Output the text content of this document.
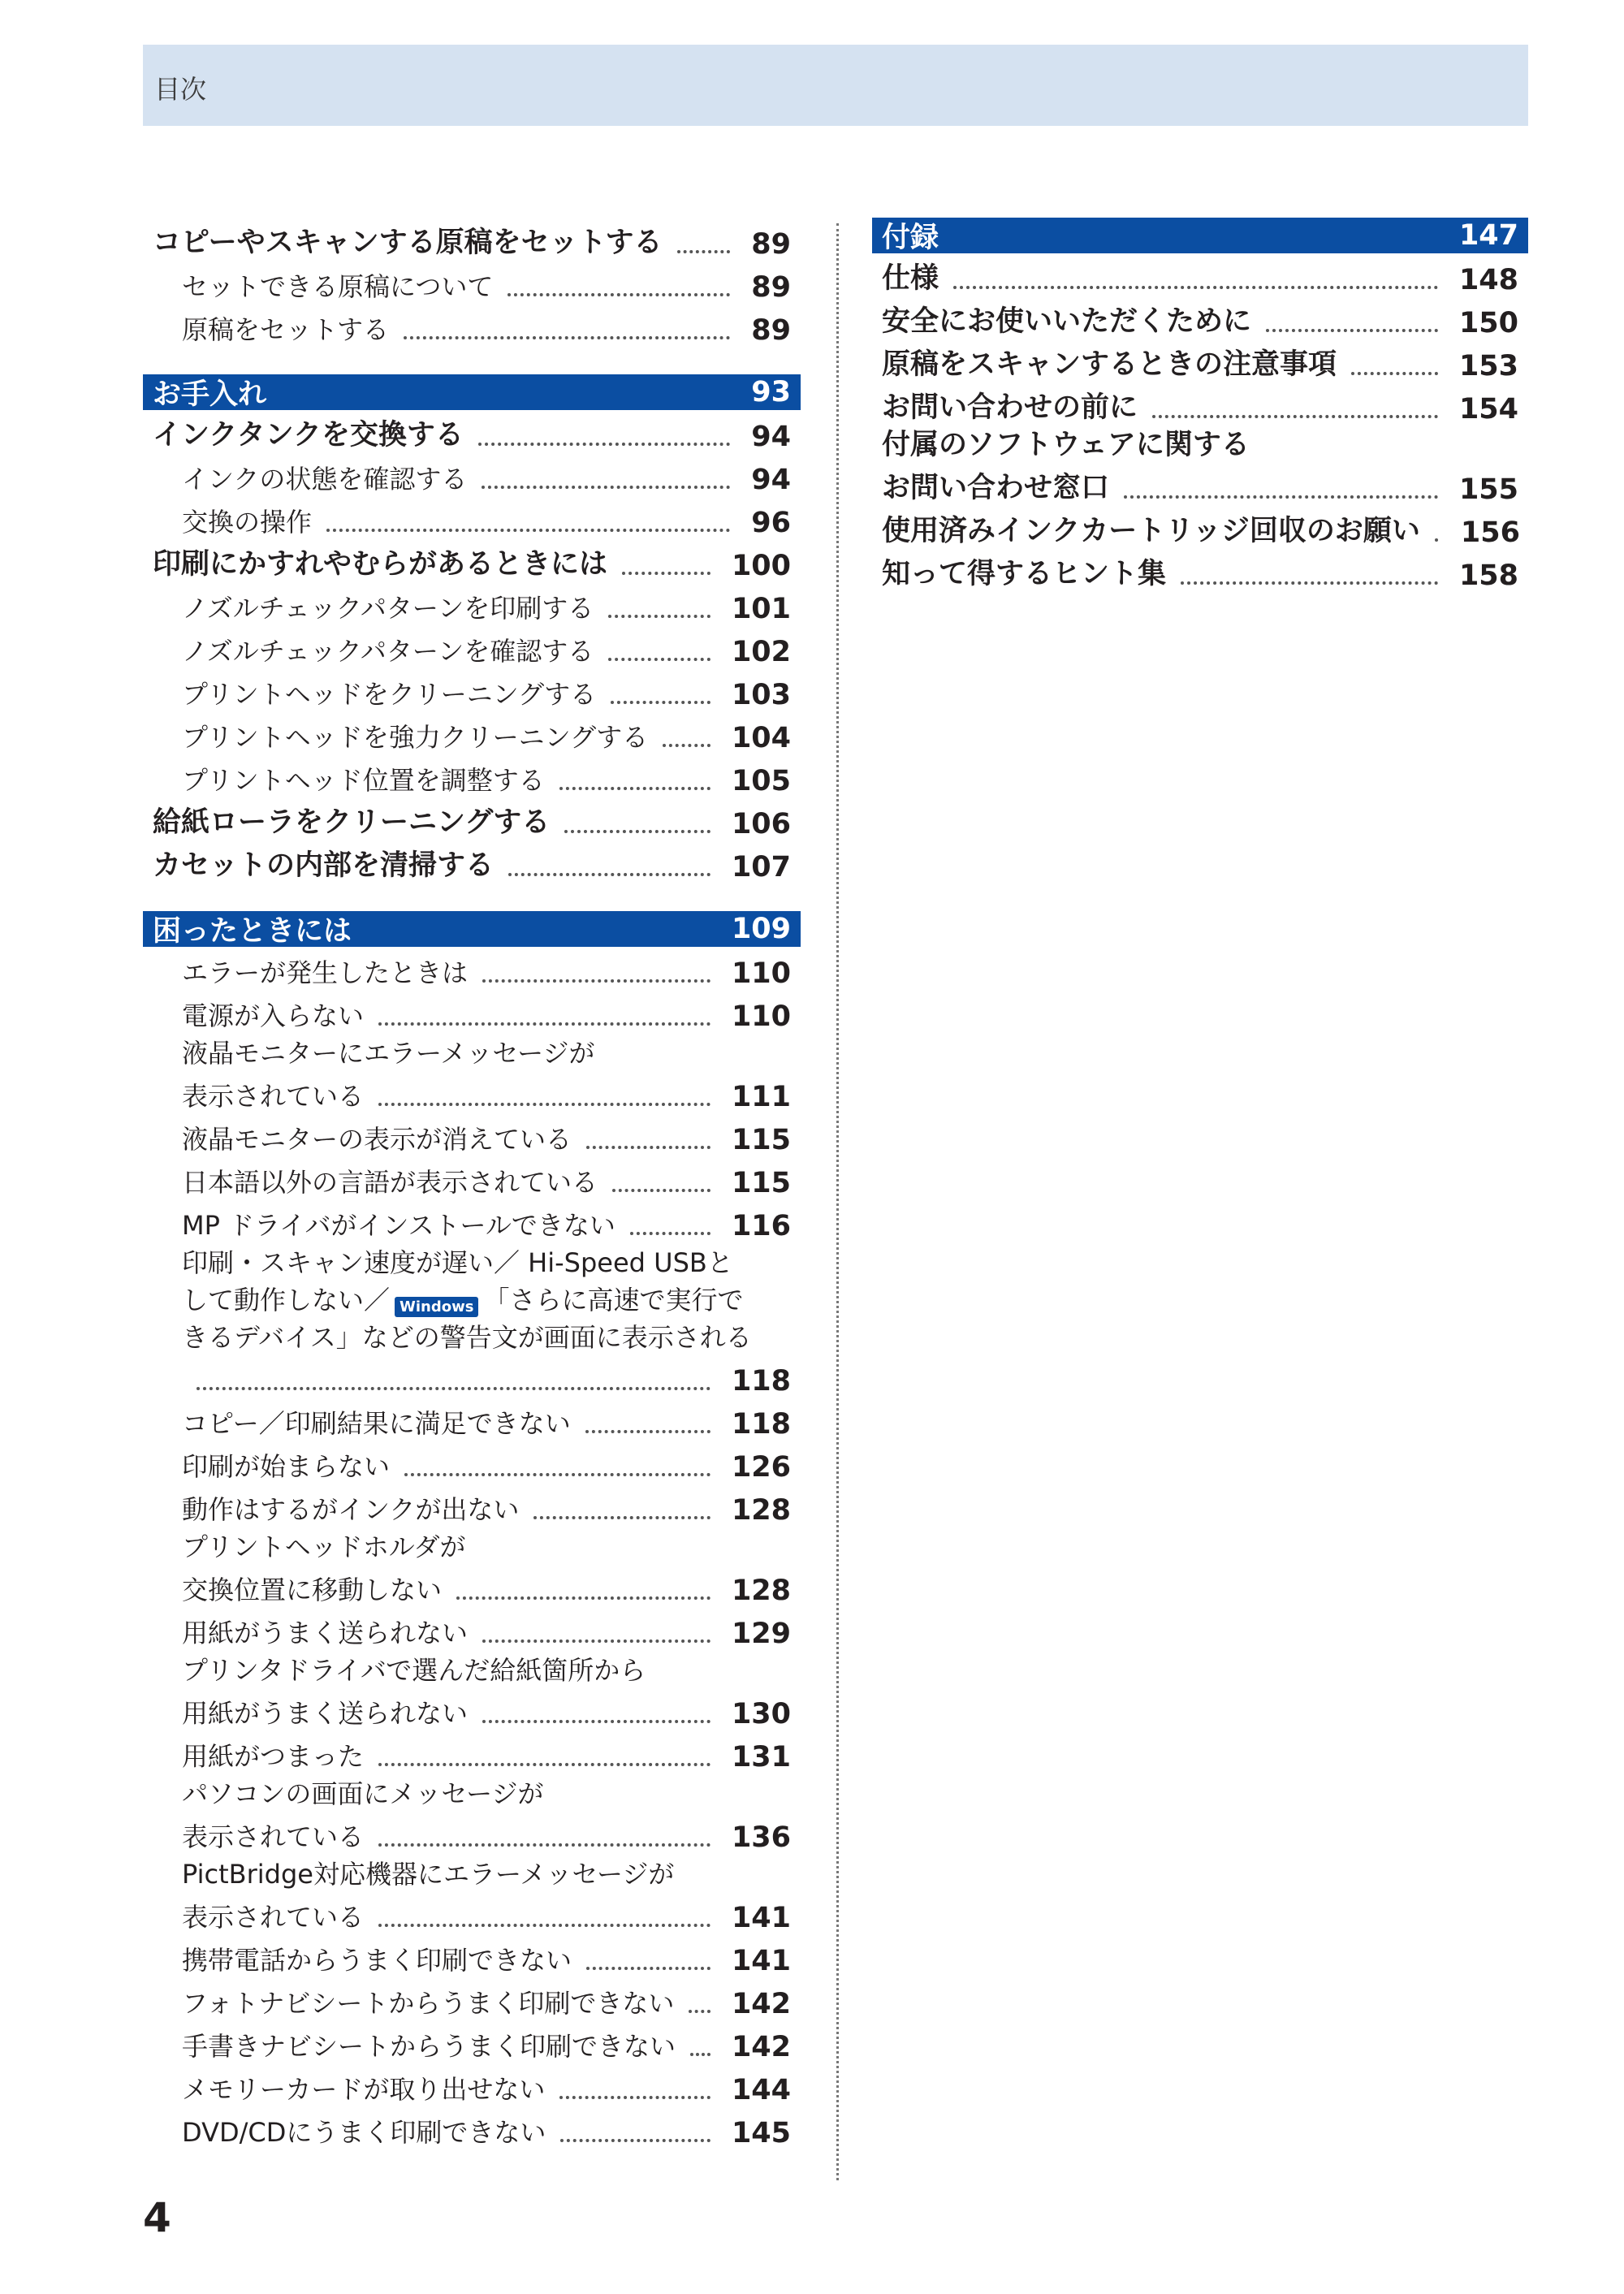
目次
コピーやスキャンする原稿をセットする	89
セットできる原稿について	89
原稿をセットする	89
お手入れ	93
インクタンクを交換する	94
インクの状態を確認する	94
交換の操作	96
印刷にかすれやむらがあるときには	100
ノズルチェックパターンを印刷する	101
ノズルチェックパターンを確認する	102
プリントヘッドをクリーニングする	103
プリントヘッドを強力クリーニングする	104
プリントヘッド位置を調整する	105
給紙ローラをクリーニングする	106
カセットの内部を清掃する	107
困ったときには	109
エラーが発生したときは	110
電源が入らない	110
液晶モニターにエラーメッセージが
表示されている	111
液晶モニターの表示が消えている	115
日本語以外の言語が表示されている	115
MP ドライバがインストールできない	116
印刷・スキャン速度が遅い／ Hi-Speed USBと
して動作しない／ Windows 「さらに高速で実行で
きるデバイス」などの警告文が画面に表示される
118
コピー／印刷結果に満足できない	118
印刷が始まらない	126
動作はするがインクが出ない	128
プリントヘッドホルダが
交換位置に移動しない	128
用紙がうまく送られない	129
プリンタドライバで選んだ給紙箇所から
用紙がうまく送られない	130
用紙がつまった	131
パソコンの画面にメッセージが
表示されている	136
PictBridge対応機器にエラーメッセージが
表示されている	141
携帯電話からうまく印刷できない	141
フォトナビシートからうまく印刷できない 142
手書きナビシートからうまく印刷できない 142
メモリーカードが取り出せない	144
DVD/CDにうまく印刷できない	145
付録	147
仕様	148
安全にお使いいただくために	150
原稿をスキャンするときの注意事項	153
お問い合わせの前に	154
付属のソフトウェアに関する
お問い合わせ窓口	155
使用済みインクカートリッジ回収のお願い 156
知って得するヒント集	158
4
